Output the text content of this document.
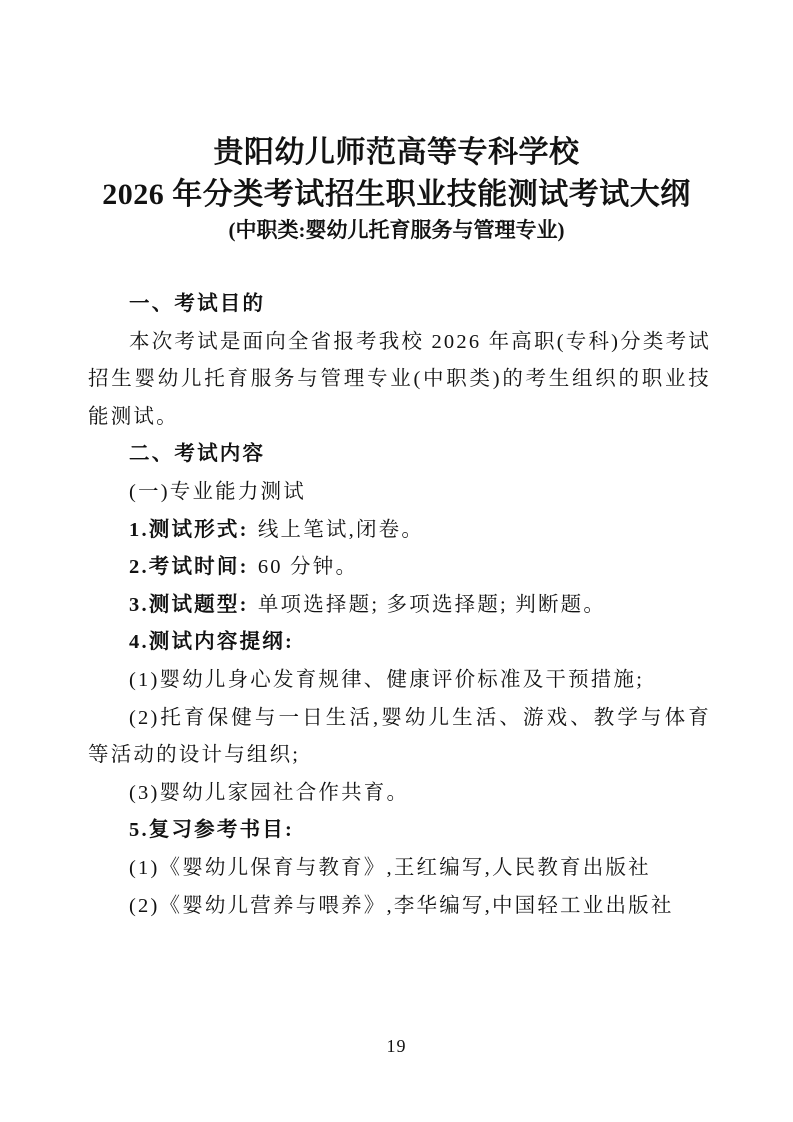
贵阳幼儿师范高等专科学校
2026 年分类考试招生职业技能测试考试大纲
(中职类:婴幼儿托育服务与管理专业)

一、考试目的

本次考试是面向全省报考我校 2026 年高职(专科)分类考试招生婴幼儿托育服务与管理专业(中职类)的考生组织的职业技能测试。

二、考试内容

(一)专业能力测试

1.测试形式: 线上笔试,闭卷。

2.考试时间: 60 分钟。

3.测试题型: 单项选择题; 多项选择题; 判断题。

4.测试内容提纲:

(1)婴幼儿身心发育规律、健康评价标准及干预措施;

(2)托育保健与一日生活,婴幼儿生活、游戏、教学与体育等活动的设计与组织;

(3)婴幼儿家园社合作共育。

5.复习参考书目:

(1)《婴幼儿保育与教育》,王红编写,人民教育出版社

(2)《婴幼儿营养与喂养》,李华编写,中国轻工业出版社

19
